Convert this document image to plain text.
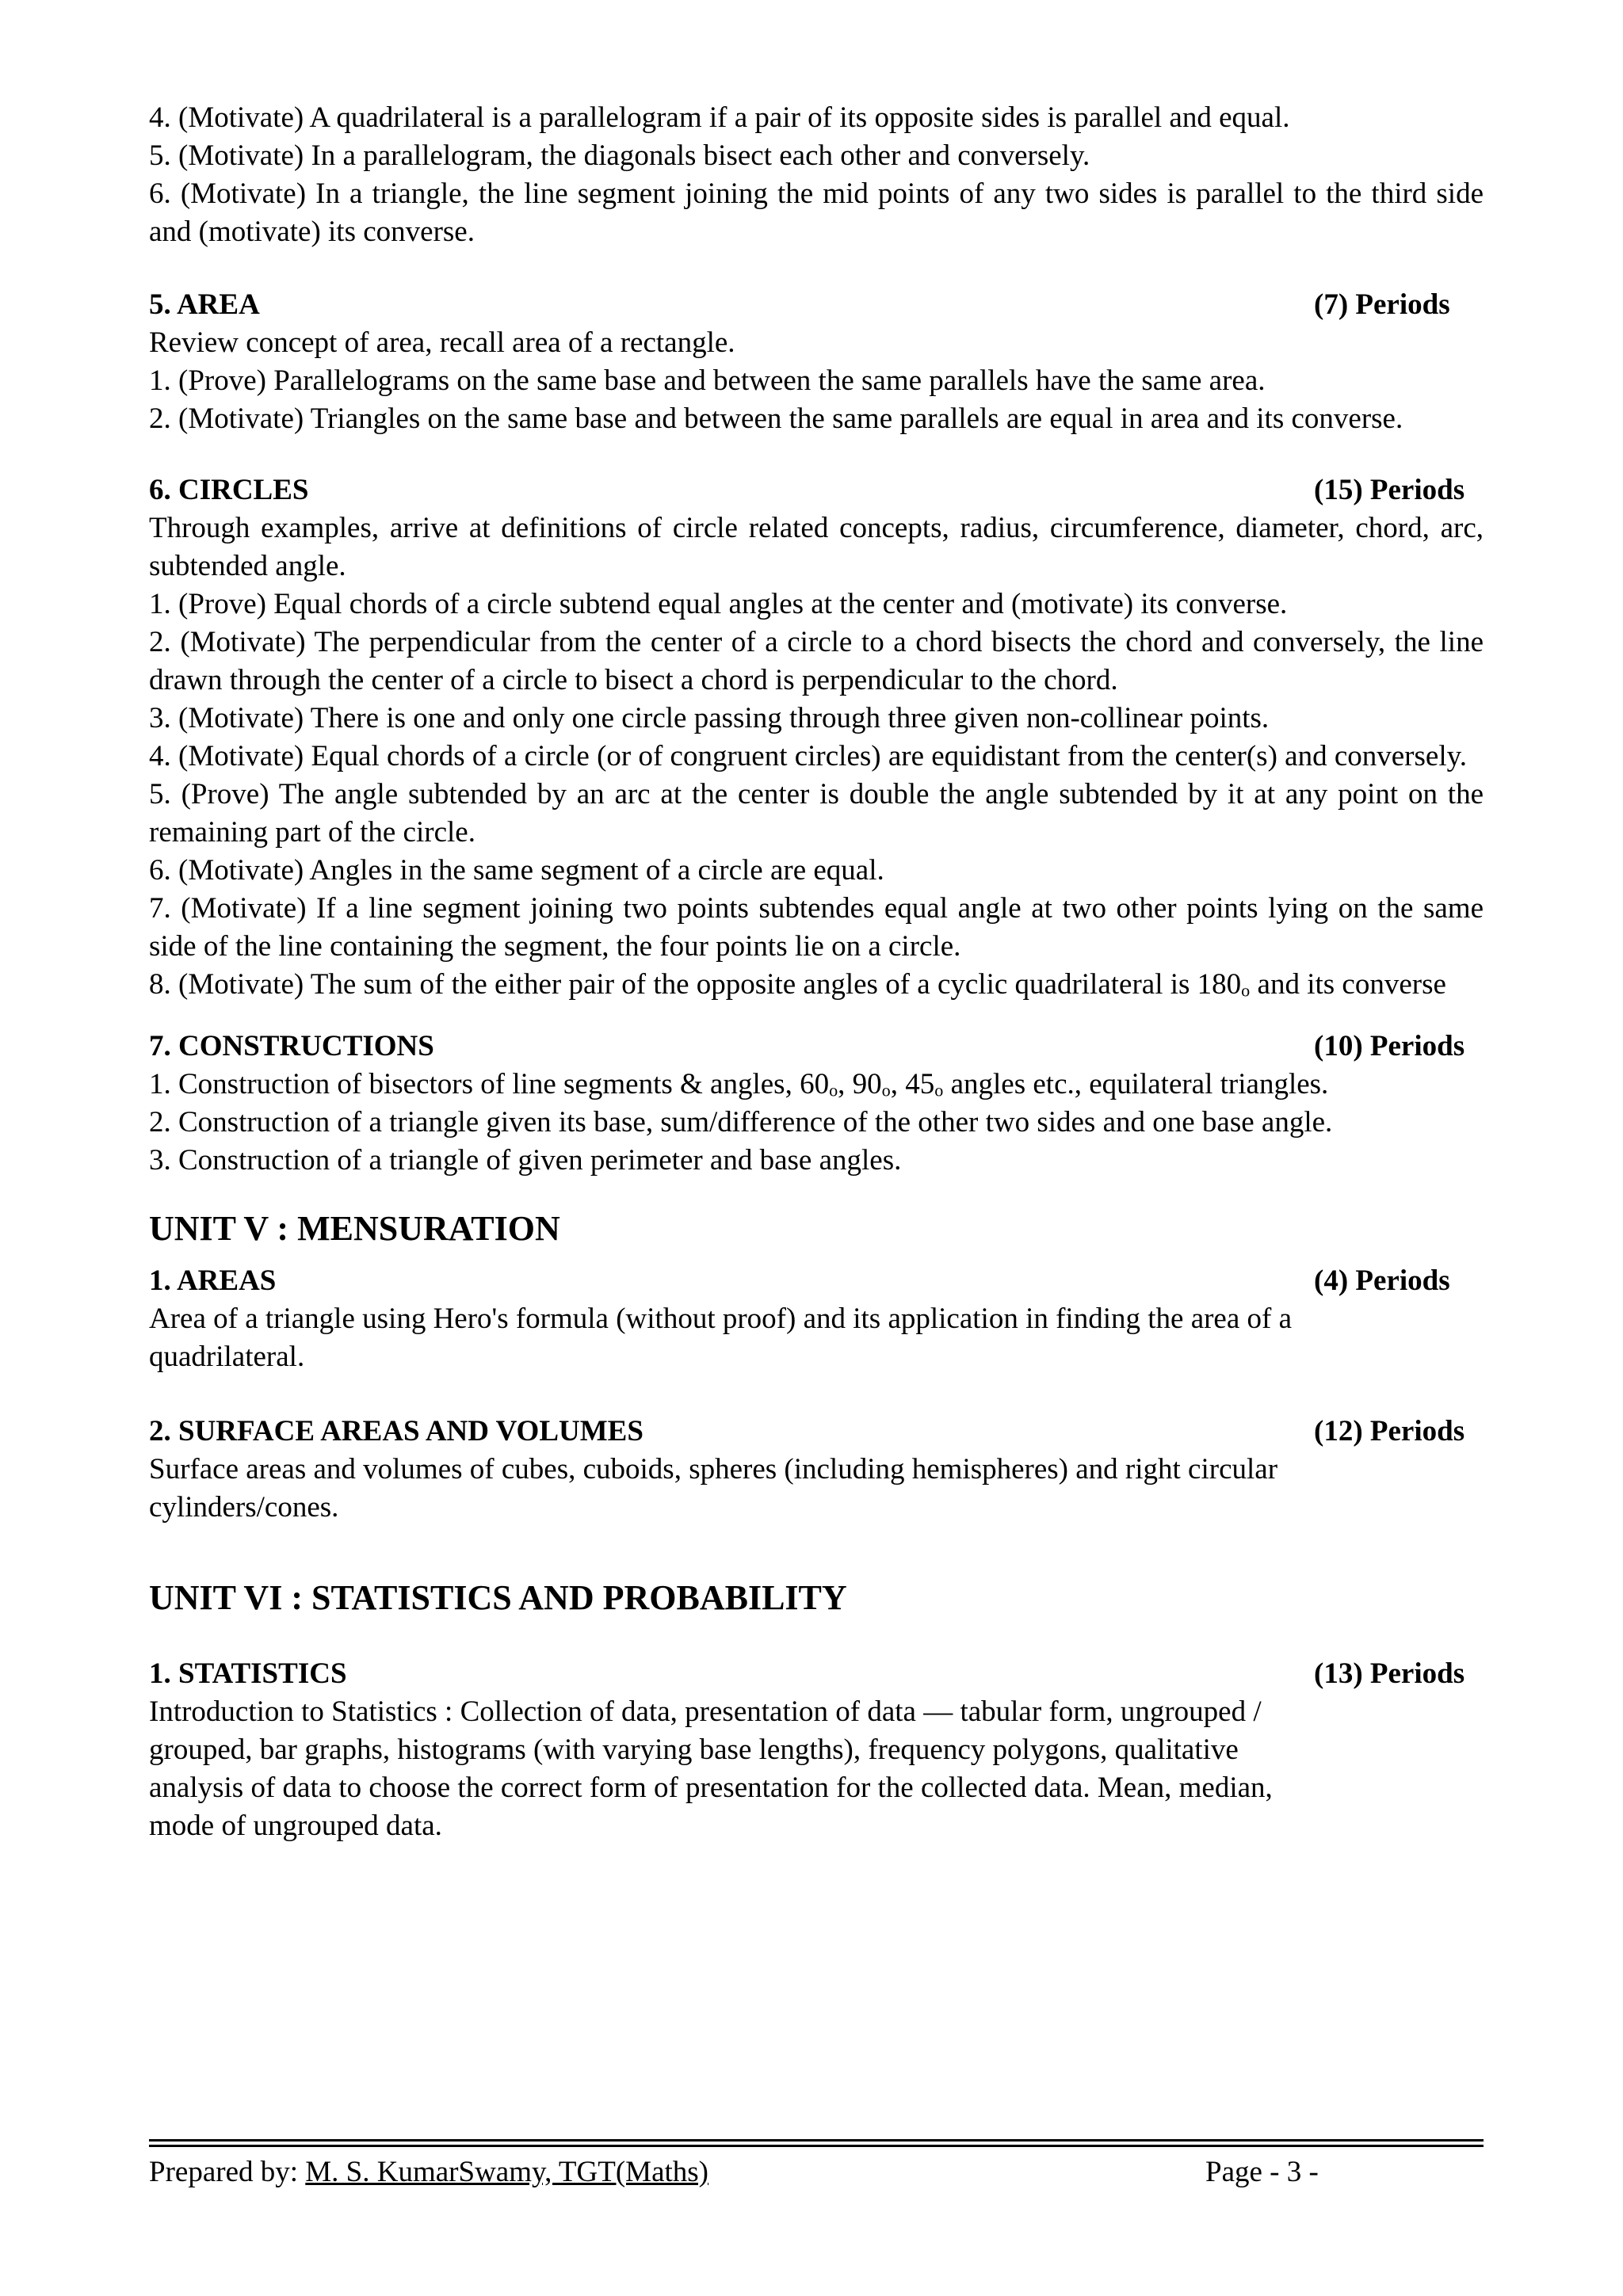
4. (Motivate) A quadrilateral is a parallelogram if a pair of its opposite sides is parallel and equal.

5. (Motivate) In a parallelogram, the diagonals bisect each other and conversely.

6. (Motivate) In a triangle, the line segment joining the mid points of any two sides is parallel to the third side and (motivate) its converse.

5. AREA	(7) Periods

Review concept of area, recall area of a rectangle.

1. (Prove) Parallelograms on the same base and between the same parallels have the same area.

2. (Motivate) Triangles on the same base and between the same parallels are equal in area and its converse.

6. CIRCLES	(15) Periods

Through examples, arrive at definitions of circle related concepts, radius, circumference, diameter, chord, arc, subtended angle.

1. (Prove) Equal chords of a circle subtend equal angles at the center and (motivate) its converse.

2. (Motivate) The perpendicular from the center of a circle to a chord bisects the chord and conversely, the line drawn through the center of a circle to bisect a chord is perpendicular to the chord.

3. (Motivate) There is one and only one circle passing through three given non-collinear points.

4. (Motivate) Equal chords of a circle (or of congruent circles) are equidistant from the center(s) and conversely.

5. (Prove) The angle subtended by an arc at the center is double the angle subtended by it at any point on the remaining part of the circle.

6. (Motivate) Angles in the same segment of a circle are equal.

7. (Motivate) If a line segment joining two points subtendes equal angle at two other points lying on the same side of the line containing the segment, the four points lie on a circle.

8. (Motivate) The sum of the either pair of the opposite angles of a cyclic quadrilateral is $180_o$ and its converse

7. CONSTRUCTIONS	(10) Periods

1. Construction of bisectors of line segments & angles, $60_o$, $90_o$, $45_o$ angles etc., equilateral triangles.

2. Construction of a triangle given its base, sum/difference of the other two sides and one base angle.

3. Construction of a triangle of given perimeter and base angles.

UNIT V : MENSURATION
1. AREAS	(4) Periods

Area of a triangle using Hero's formula (without proof) and its application in finding the area of a

quadrilateral.

2. SURFACE AREAS AND VOLUMES	(12) Periods

Surface areas and volumes of cubes, cuboids, spheres (including hemispheres) and right circular

cylinders/cones.

UNIT VI : STATISTICS AND PROBABILITY
1. STATISTICS	(13) Periods

Introduction to Statistics : Collection of data, presentation of data — tabular form, ungrouped /

grouped, bar graphs, histograms (with varying base lengths), frequency polygons, qualitative

analysis of data to choose the correct form of presentation for the collected data. Mean, median,

mode of ungrouped data.

Prepared by: M. S. KumarSwamy, TGT(Maths)	Page - 3 -
